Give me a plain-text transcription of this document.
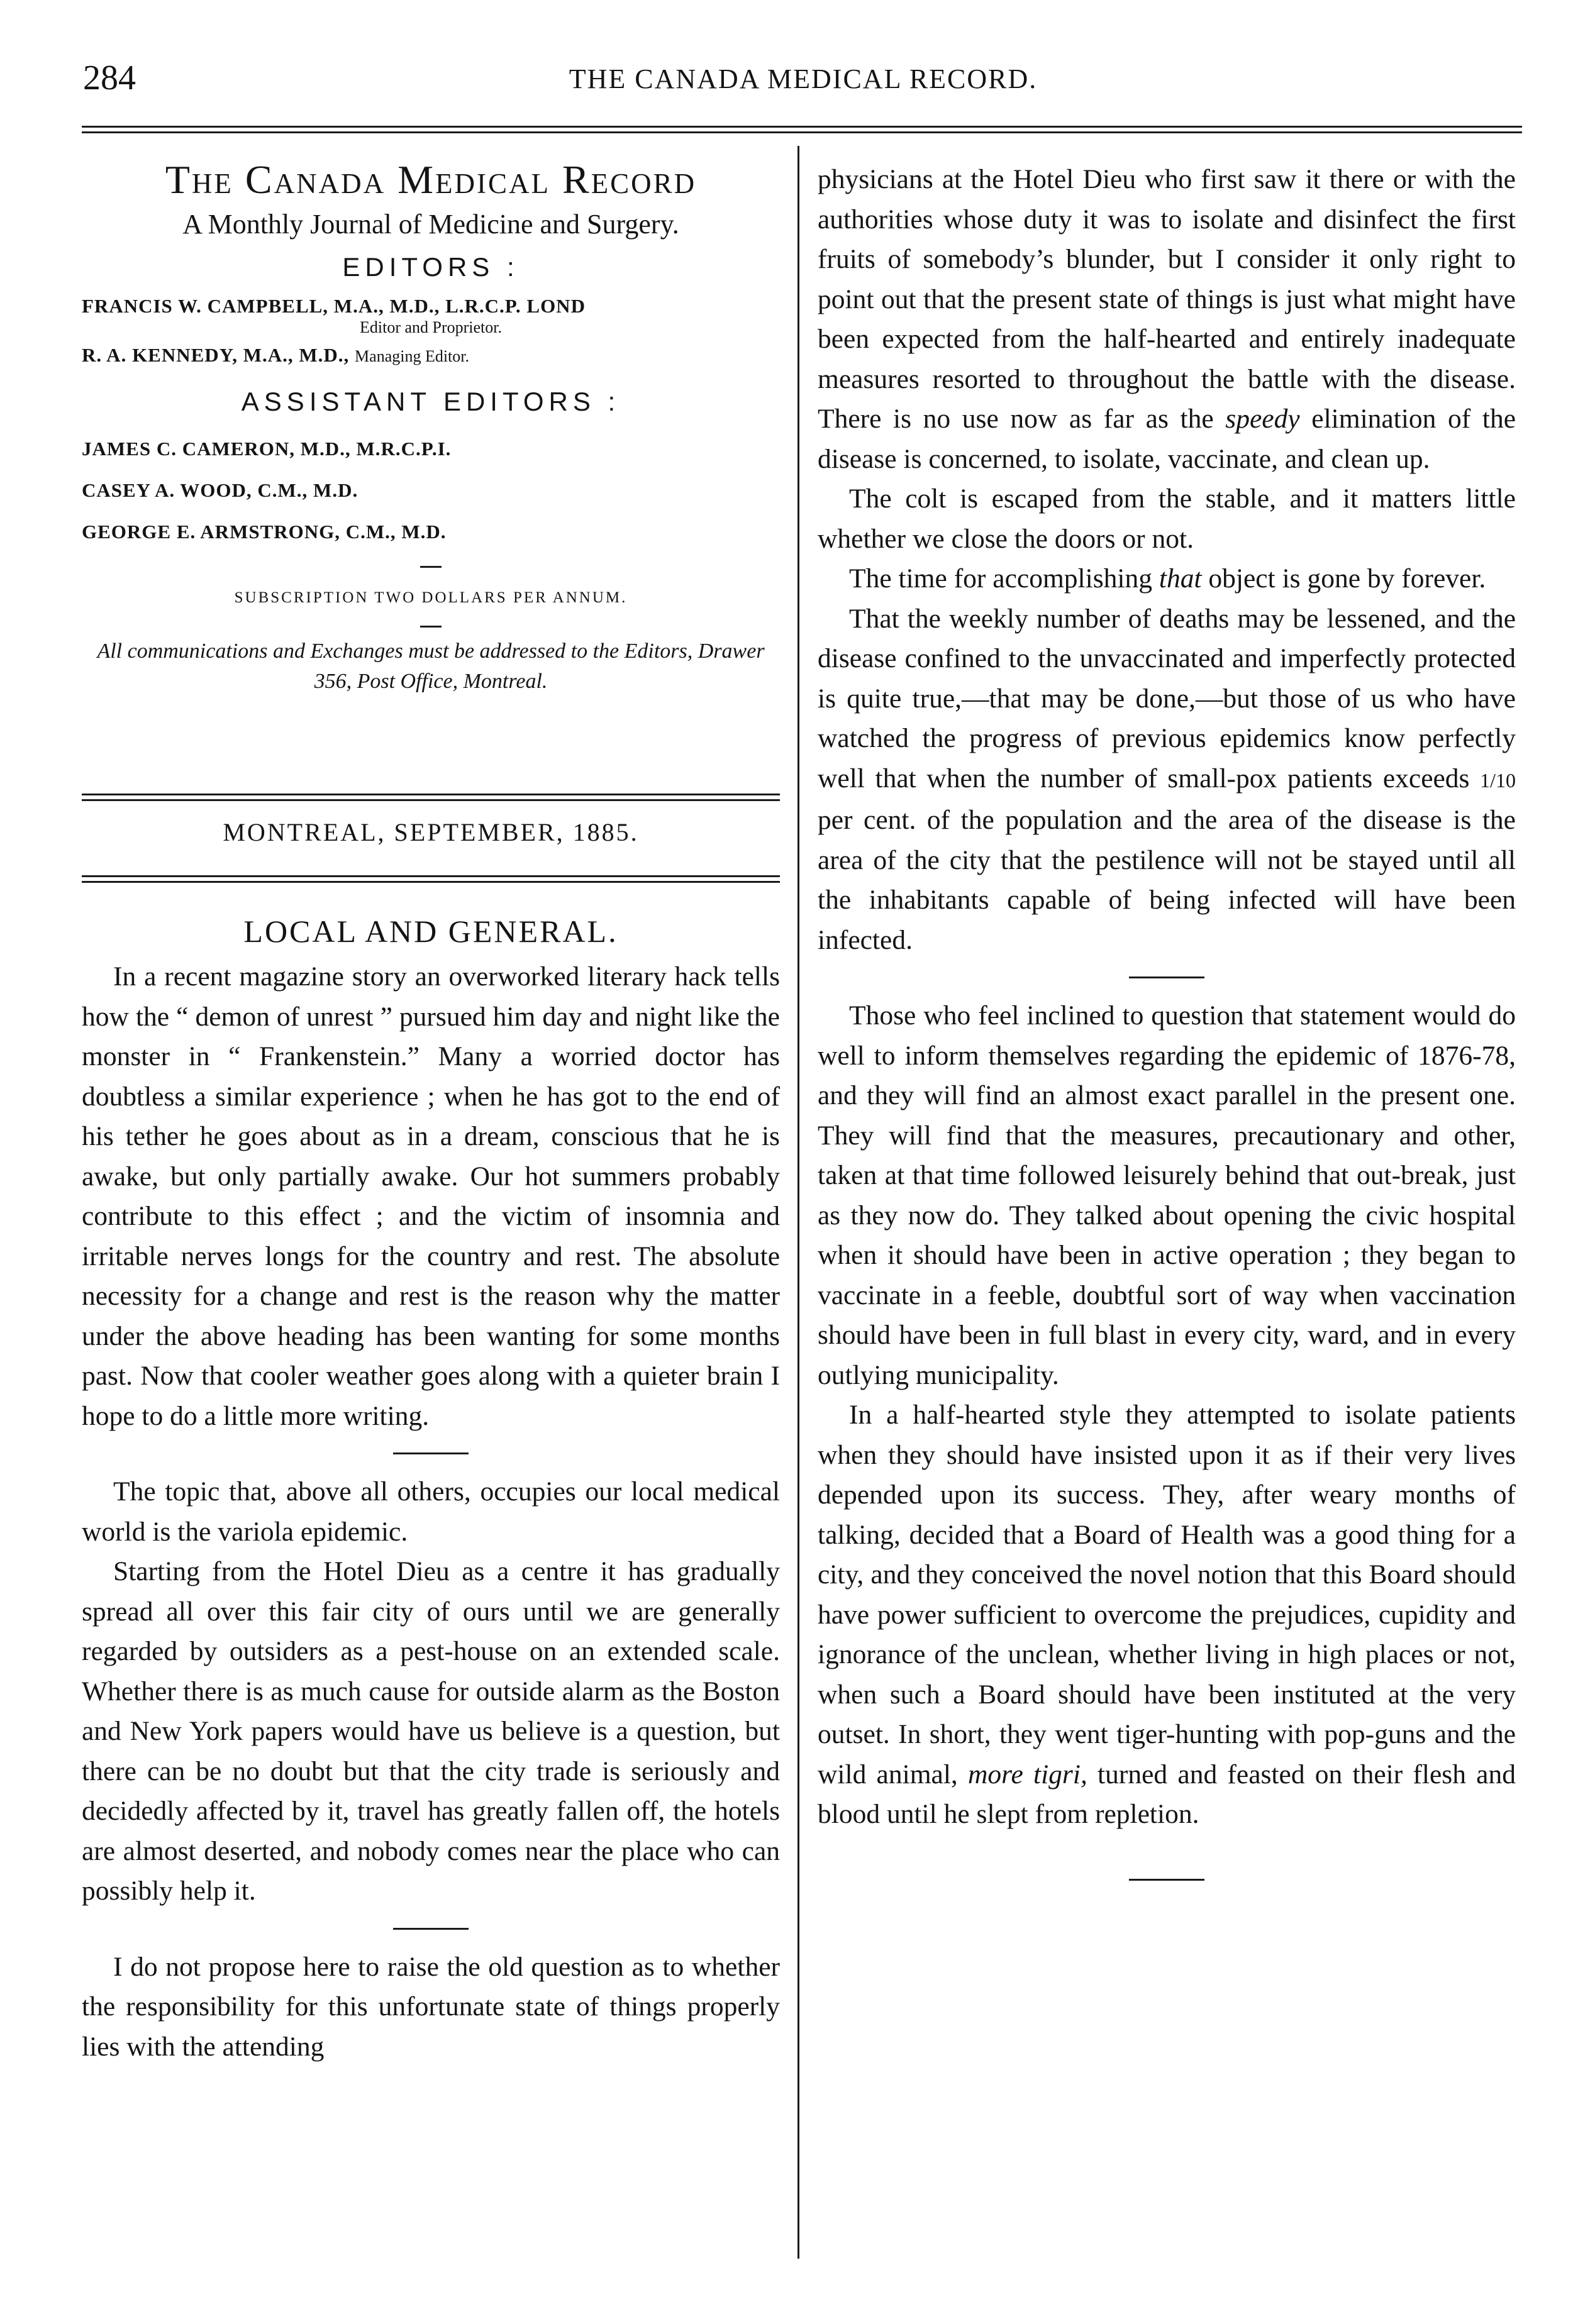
284	THE CANADA MEDICAL RECORD.
The Canada Medical Record
A Monthly Journal of Medicine and Surgery.
EDITORS :
FRANCIS W. CAMPBELL, M.A., M.D., L.R.C.P. LOND
Editor and Proprietor.
R. A. KENNEDY, M.A., M.D., Managing Editor.
ASSISTANT EDITORS :
JAMES C. CAMERON, M.D., M.R.C.P.I.
CASEY A. WOOD, C.M., M.D.
GEORGE E. ARMSTRONG, C.M., M.D.
SUBSCRIPTION TWO DOLLARS PER ANNUM.
All communications and Exchanges must be addressed to the Editors, Drawer 356, Post Office, Montreal.
MONTREAL, SEPTEMBER, 1885.
LOCAL AND GENERAL.

In a recent magazine story an overworked literary hack tells how the “ demon of unrest ” pursued him day and night like the monster in “ Frankenstein.” Many a worried doctor has doubtless a similar experience ; when he has got to the end of his tether he goes about as in a dream, conscious that he is awake, but only partially awake. Our hot summers probably contribute to this effect ; and the victim of insomnia and irritable nerves longs for the country and rest. The absolute necessity for a change and rest is the reason why the matter under the above heading has been wanting for some months past. Now that cooler weather goes along with a quieter brain I hope to do a little more writing.

The topic that, above all others, occupies our local medical world is the variola epidemic.

Starting from the Hotel Dieu as a centre it has gradually spread all over this fair city of ours until we are generally regarded by outsiders as a pest-house on an extended scale. Whether there is as much cause for outside alarm as the Boston and New York papers would have us believe is a question, but there can be no doubt but that the city trade is seriously and decidedly affected by it, travel has greatly fallen off, the hotels are almost deserted, and nobody comes near the place who can possibly help it.

I do not propose here to raise the old question as to whether the responsibility for this unfortunate state of things properly lies with the attending

physicians at the Hotel Dieu who first saw it there or with the authorities whose duty it was to isolate and disinfect the first fruits of somebody’s blunder, but I consider it only right to point out that the present state of things is just what might have been expected from the half-hearted and entirely inadequate measures resorted to throughout the battle with the disease. There is no use now as far as the speedy elimination of the disease is concerned, to isolate, vaccinate, and clean up.

The colt is escaped from the stable, and it matters little whether we close the doors or not.

The time for accomplishing that object is gone by forever.

That the weekly number of deaths may be lessened, and the disease confined to the unvaccinated and imperfectly protected is quite true,—that may be done,—but those of us who have watched the progress of previous epidemics know perfectly well that when the number of small-pox patients exceeds 1/10 per cent. of the population and the area of the disease is the area of the city that the pestilence will not be stayed until all the inhabitants capable of being infected will have been infected.

Those who feel inclined to question that statement would do well to inform themselves regarding the epidemic of 1876-78, and they will find an almost exact parallel in the present one. They will find that the measures, precautionary and other, taken at that time followed leisurely behind that out-break, just as they now do. They talked about opening the civic hospital when it should have been in active operation ; they began to vaccinate in a feeble, doubtful sort of way when vaccination should have been in full blast in every city, ward, and in every outlying municipality.

In a half-hearted style they attempted to isolate patients when they should have insisted upon it as if their very lives depended upon its success. They, after weary months of talking, decided that a Board of Health was a good thing for a city, and they conceived the novel notion that this Board should have power sufficient to overcome the prejudices, cupidity and ignorance of the unclean, whether living in high places or not, when such a Board should have been instituted at the very outset. In short, they went tiger-hunting with pop-guns and the wild animal, more tigri, turned and feasted on their flesh and blood until he slept from repletion.
